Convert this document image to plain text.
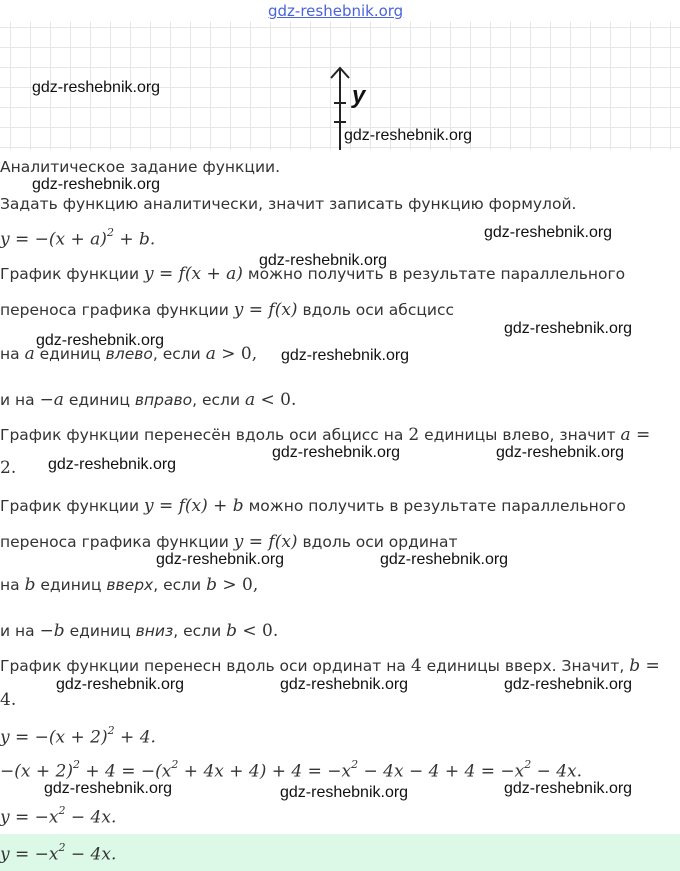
gdz-reshebnik.org
y
gdz-reshebnik.org
gdz-reshebnik.org
gdz-reshebnik.org
gdz-reshebnik.org
gdz-reshebnik.org
gdz-reshebnik.org
gdz-reshebnik.org
gdz-reshebnik.org
gdz-reshebnik.org	gdz-reshebnik.org
gdz-reshebnik.org
gdz-reshebnik.org	gdz-reshebnik.org
gdz-reshebnik.org	gdz-reshebnik.org	gdz-reshebnik.org
gdz-reshebnik.org	gdz-reshebnik.org
gdz-reshebnik.org
Аналитическое задание функции.
Задать функцию аналитически, значит записать функцию формулой.
$y = -(x + a)^2 + b$.
График функции y = f(x + a) можно получить в результате параллельного
переноса графика функции y = f(x) вдоль оси абсцисс
на a единиц влево, если a > 0,
и на −a единиц вправо, если a < 0.
График функции перенесён вдоль оси абцисс на 2 единицы влево, значит a =
2.
График функции y = f(x) + b можно получить в результате параллельного
переноса графика функции y = f(x) вдоль оси ординат
на b единиц вверх, если b > 0,
и на −b единиц вниз, если b < 0.
График функции перенесн вдоль оси ординат на 4 единицы вверх. Значит, b =
4.
$y = -(x + 2)^2 + 4$.
$-(x + 2)^2 + 4 = -(x^2 + 4x + 4) + 4 = -x^2 - 4x - 4 + 4 = -x^2 - 4x$.
$y = -x^2 - 4x$.
$y = -x^2 - 4x$.
